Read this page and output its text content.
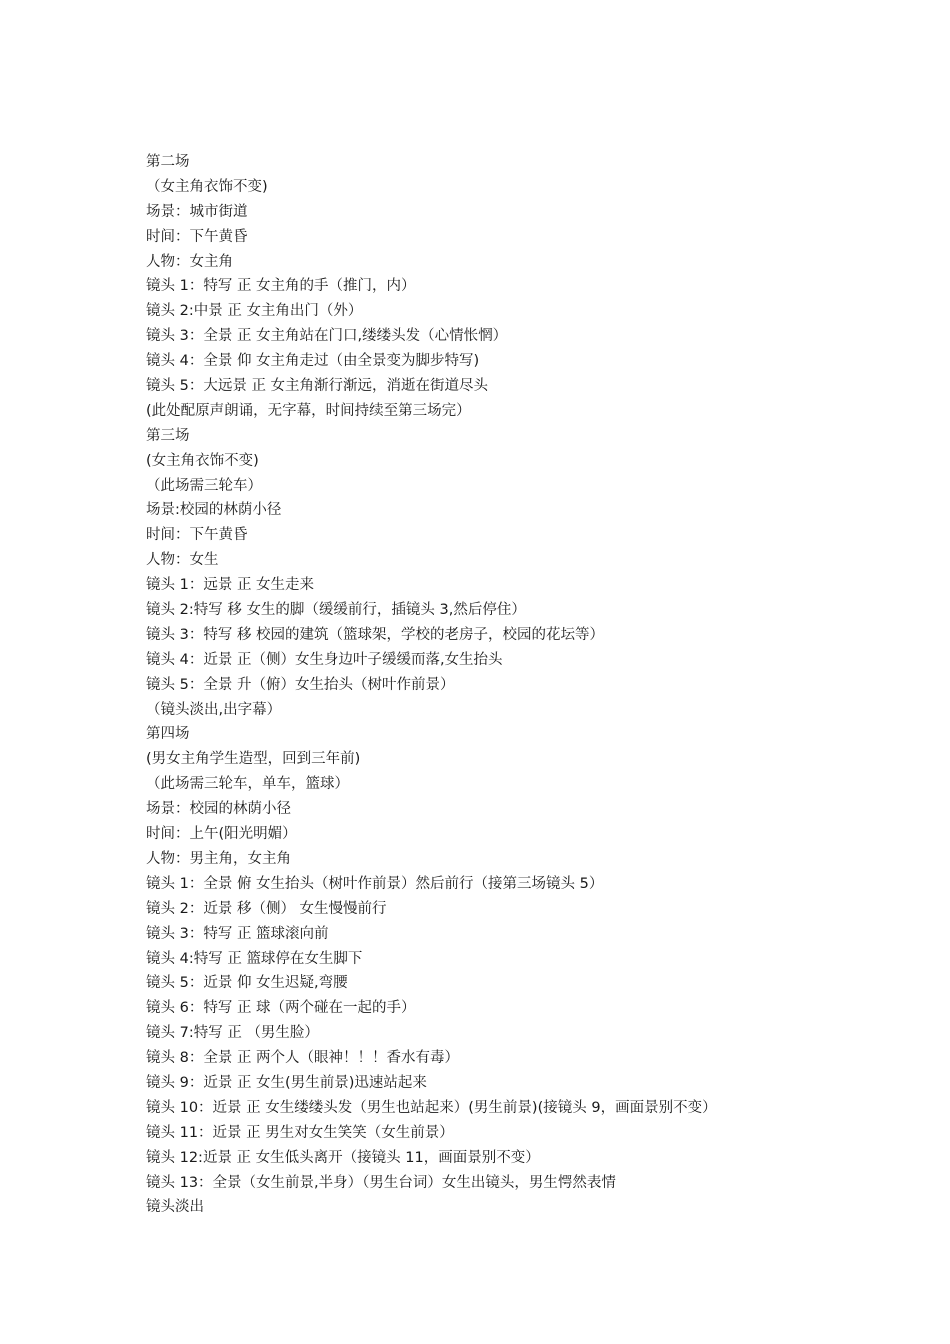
第二场
（女主角衣饰不变)
场景：城市街道
时间：下午黄昏
人物：女主角
镜头 1：特写 正 女主角的手（推门，内）
镜头 2:中景 正 女主角出门（外）
镜头 3：全景 正 女主角站在门口,缕缕头发（心情怅惘）
镜头 4：全景 仰 女主角走过（由全景变为脚步特写)
镜头 5：大远景 正 女主角渐行渐远，消逝在街道尽头
(此处配原声朗诵，无字幕，时间持续至第三场完）
第三场
(女主角衣饰不变)
（此场需三轮车）
场景:校园的林荫小径
时间：下午黄昏
人物：女生
镜头 1：远景 正 女生走来
镜头 2:特写 移 女生的脚（缓缓前行，插镜头 3,然后停住）
镜头 3：特写 移 校园的建筑（篮球架，学校的老房子，校园的花坛等）
镜头 4：近景 正（侧）女生身边叶子缓缓而落,女生抬头
镜头 5：全景 升（俯）女生抬头（树叶作前景）
（镜头淡出,出字幕）
第四场
(男女主角学生造型，回到三年前)
（此场需三轮车，单车，篮球）
场景：校园的林荫小径
时间：上午(阳光明媚）
人物：男主角，女主角
镜头 1：全景 俯 女生抬头（树叶作前景）然后前行（接第三场镜头 5）
镜头 2：近景 移（侧） 女生慢慢前行
镜头 3：特写 正 篮球滚向前
镜头 4:特写 正 篮球停在女生脚下
镜头 5：近景 仰 女生迟疑,弯腰
镜头 6：特写 正 球（两个碰在一起的手）
镜头 7:特写 正 （男生脸）
镜头 8：全景 正 两个人（眼神！！！香水有毒）
镜头 9：近景 正 女生(男生前景)迅速站起来
镜头 10：近景 正 女生缕缕头发（男生也站起来）(男生前景)(接镜头 9，画面景别不变）
镜头 11：近景 正 男生对女生笑笑（女生前景）
镜头 12:近景 正 女生低头离开（接镜头 11，画面景别不变）
镜头 13：全景（女生前景,半身）（男生台词）女生出镜头，男生愕然表情
镜头淡出
